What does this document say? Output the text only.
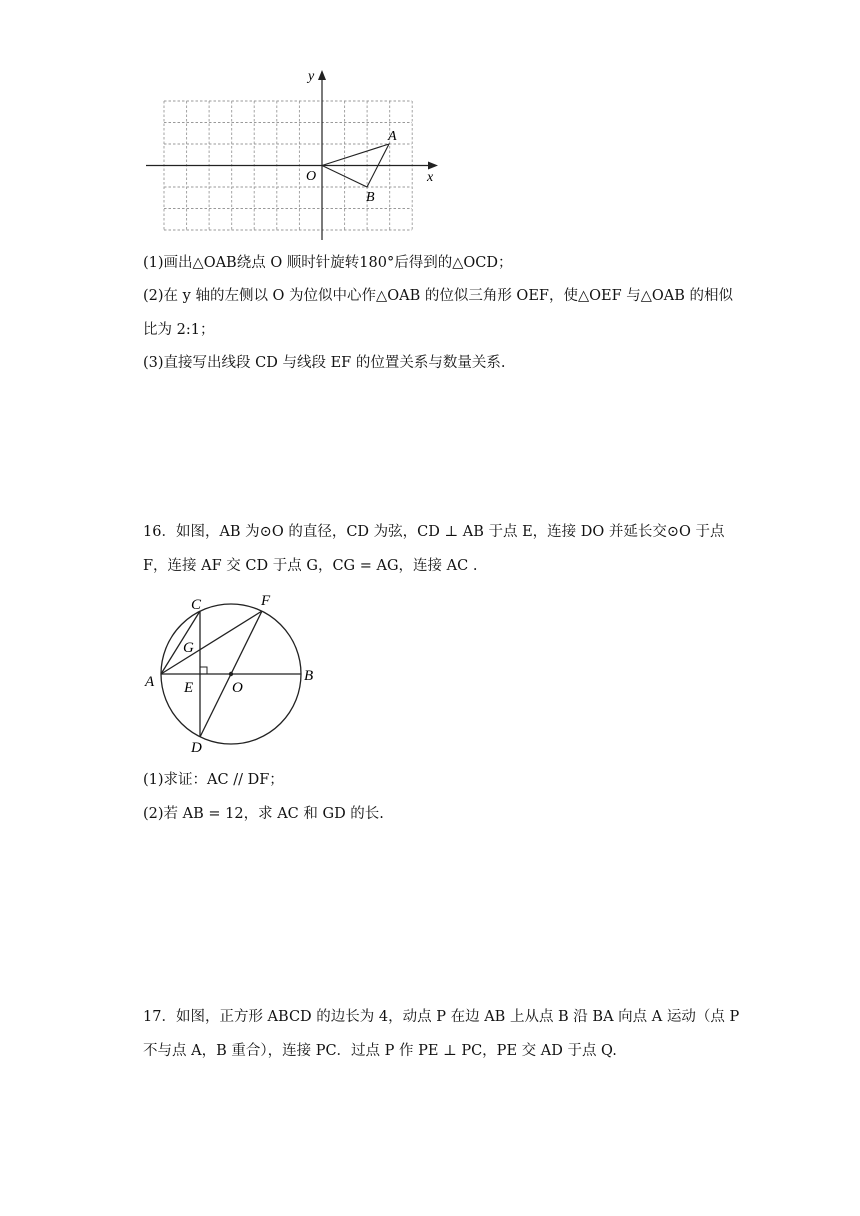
y
x
O
A
B
(1)画出△OAB绕点 O 顺时针旋转180°后得到的△OCD；
(2)在 y 轴的左侧以 O 为位似中心作△OAB 的位似三角形 OEF，使△OEF 与△OAB 的相似
比为 2:1；
(3)直接写出线段 CD 与线段 EF 的位置关系与数量关系.
16．如图，AB 为⊙O 的直径，CD 为弦，CD ⊥ AB 于点 E，连接 DO 并延长交⊙O 于点
F，连接 AF 交 CD 于点 G，CG = AG，连接 AC .
C	F
G
A E	O
B
D
(1)求证：AC // DF；
(2)若 AB = 12，求 AC 和 GD 的长.
17．如图，正方形 ABCD 的边长为 4，动点 P 在边 AB 上从点 B 沿 BA 向点 A 运动（点 P
不与点 A，B 重合），连接 PC．过点 P 作 PE ⊥ PC，PE 交 AD 于点 Q.
